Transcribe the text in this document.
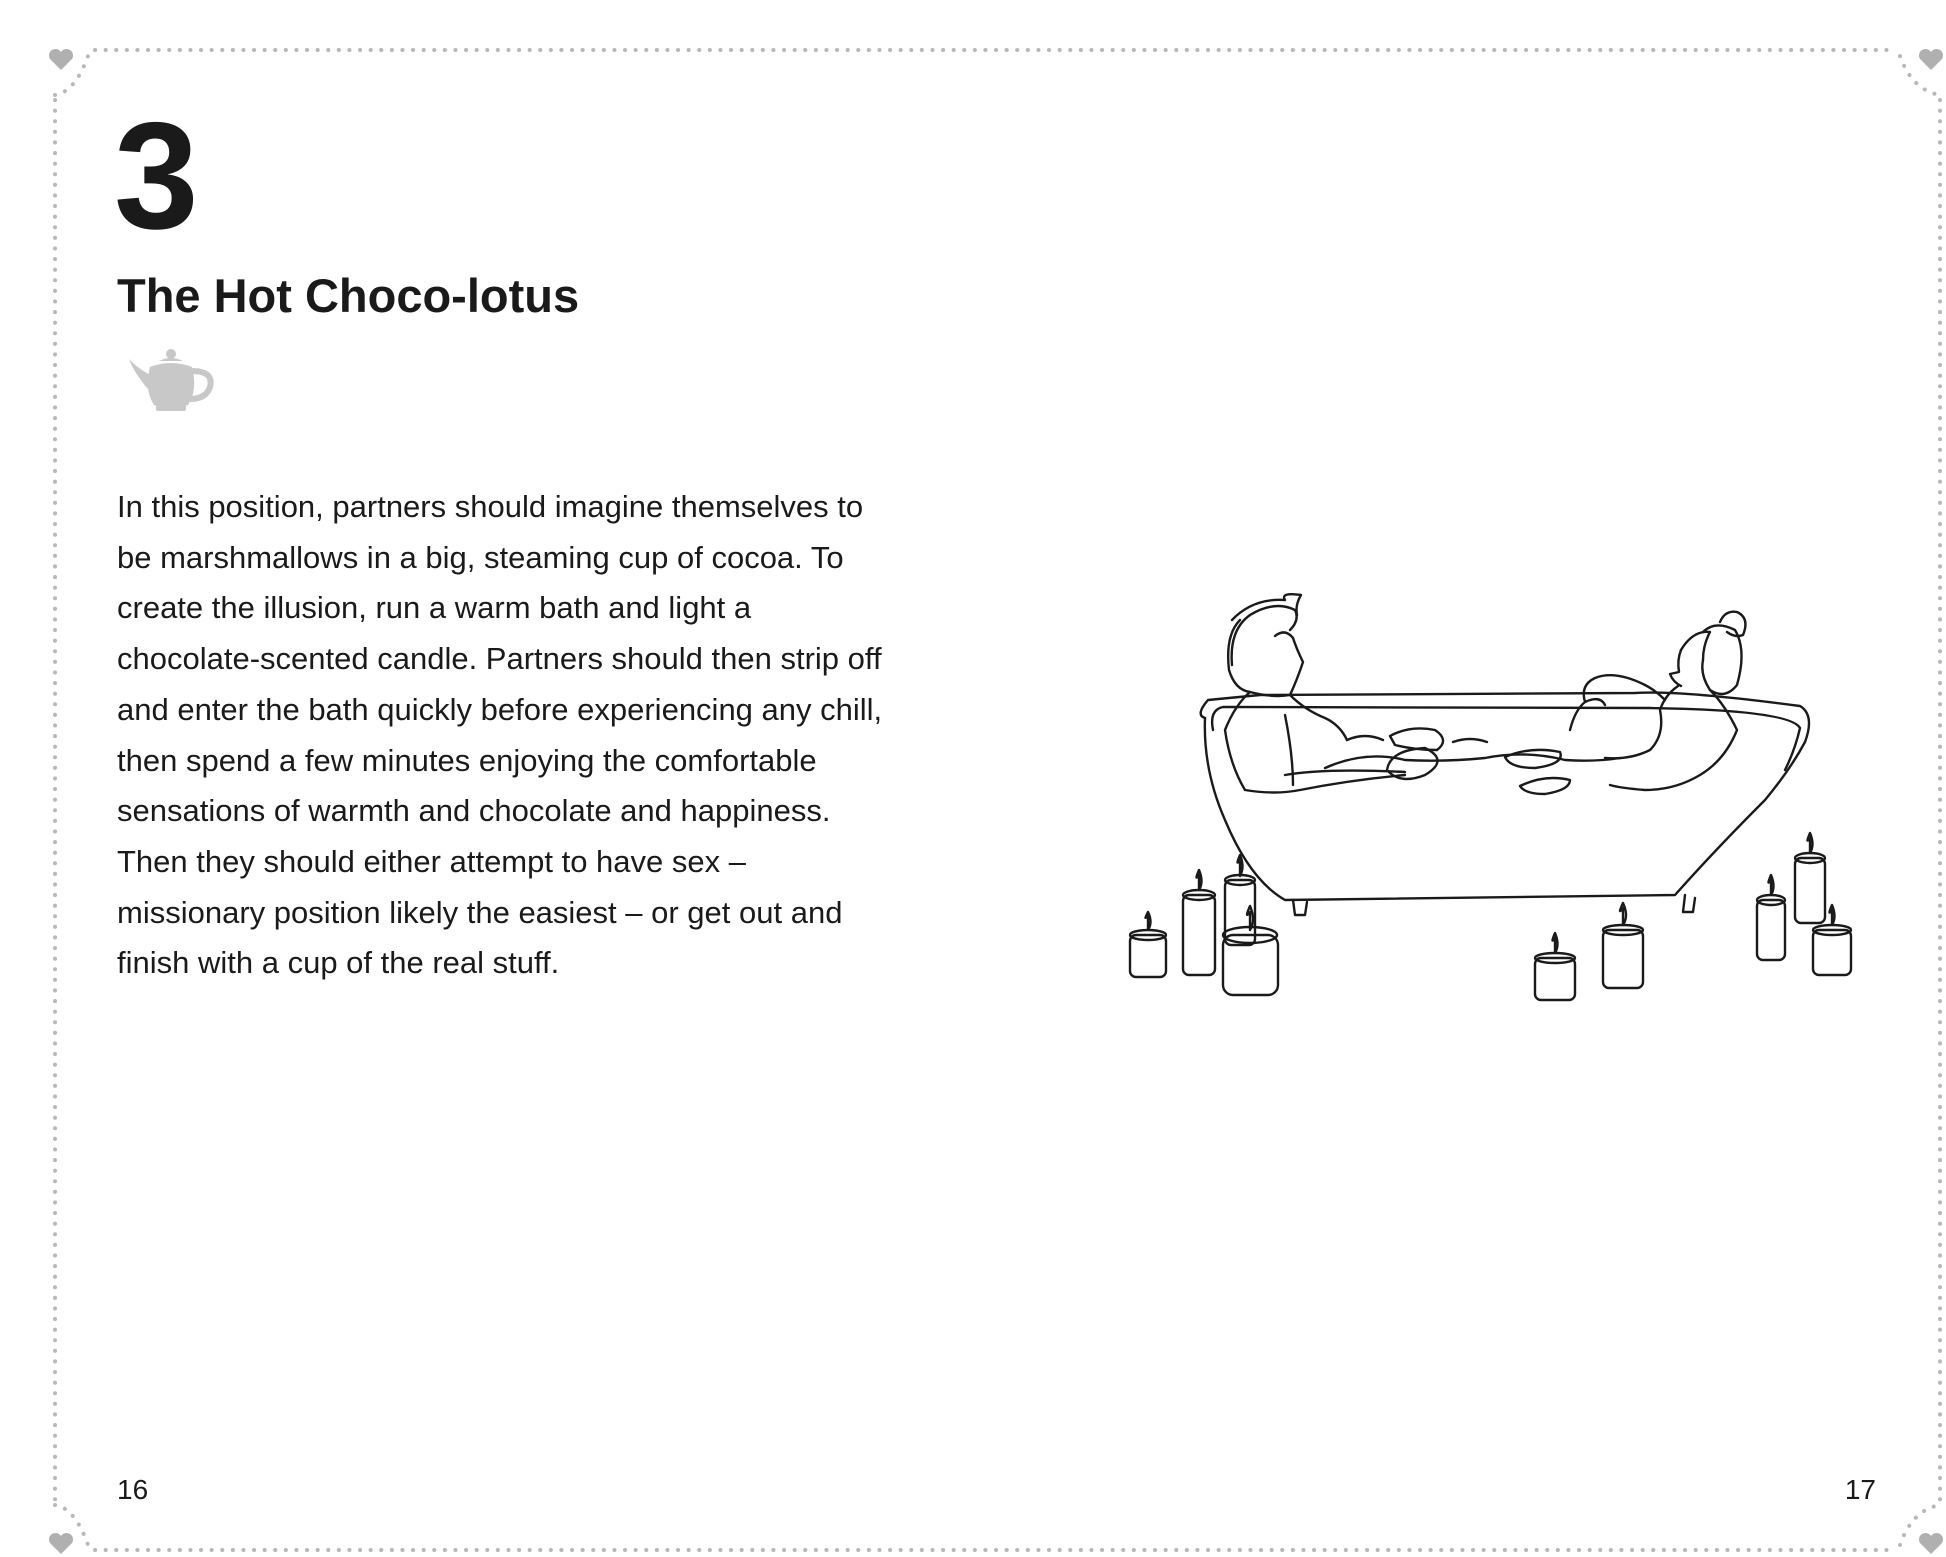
3
The Hot Choco-lotus

In this position, partners should imagine themselves to be marshmallows in a big, steaming cup of cocoa. To create the illusion, run a warm bath and light a chocolate-scented candle. Partners should then strip off and enter the bath quickly before experiencing any chill, then spend a few minutes enjoying the comfortable sensations of warmth and chocolate and happiness. Then they should either attempt to have sex – missionary position likely the easiest – or get out and finish with a cup of the real stuff.

16	17
